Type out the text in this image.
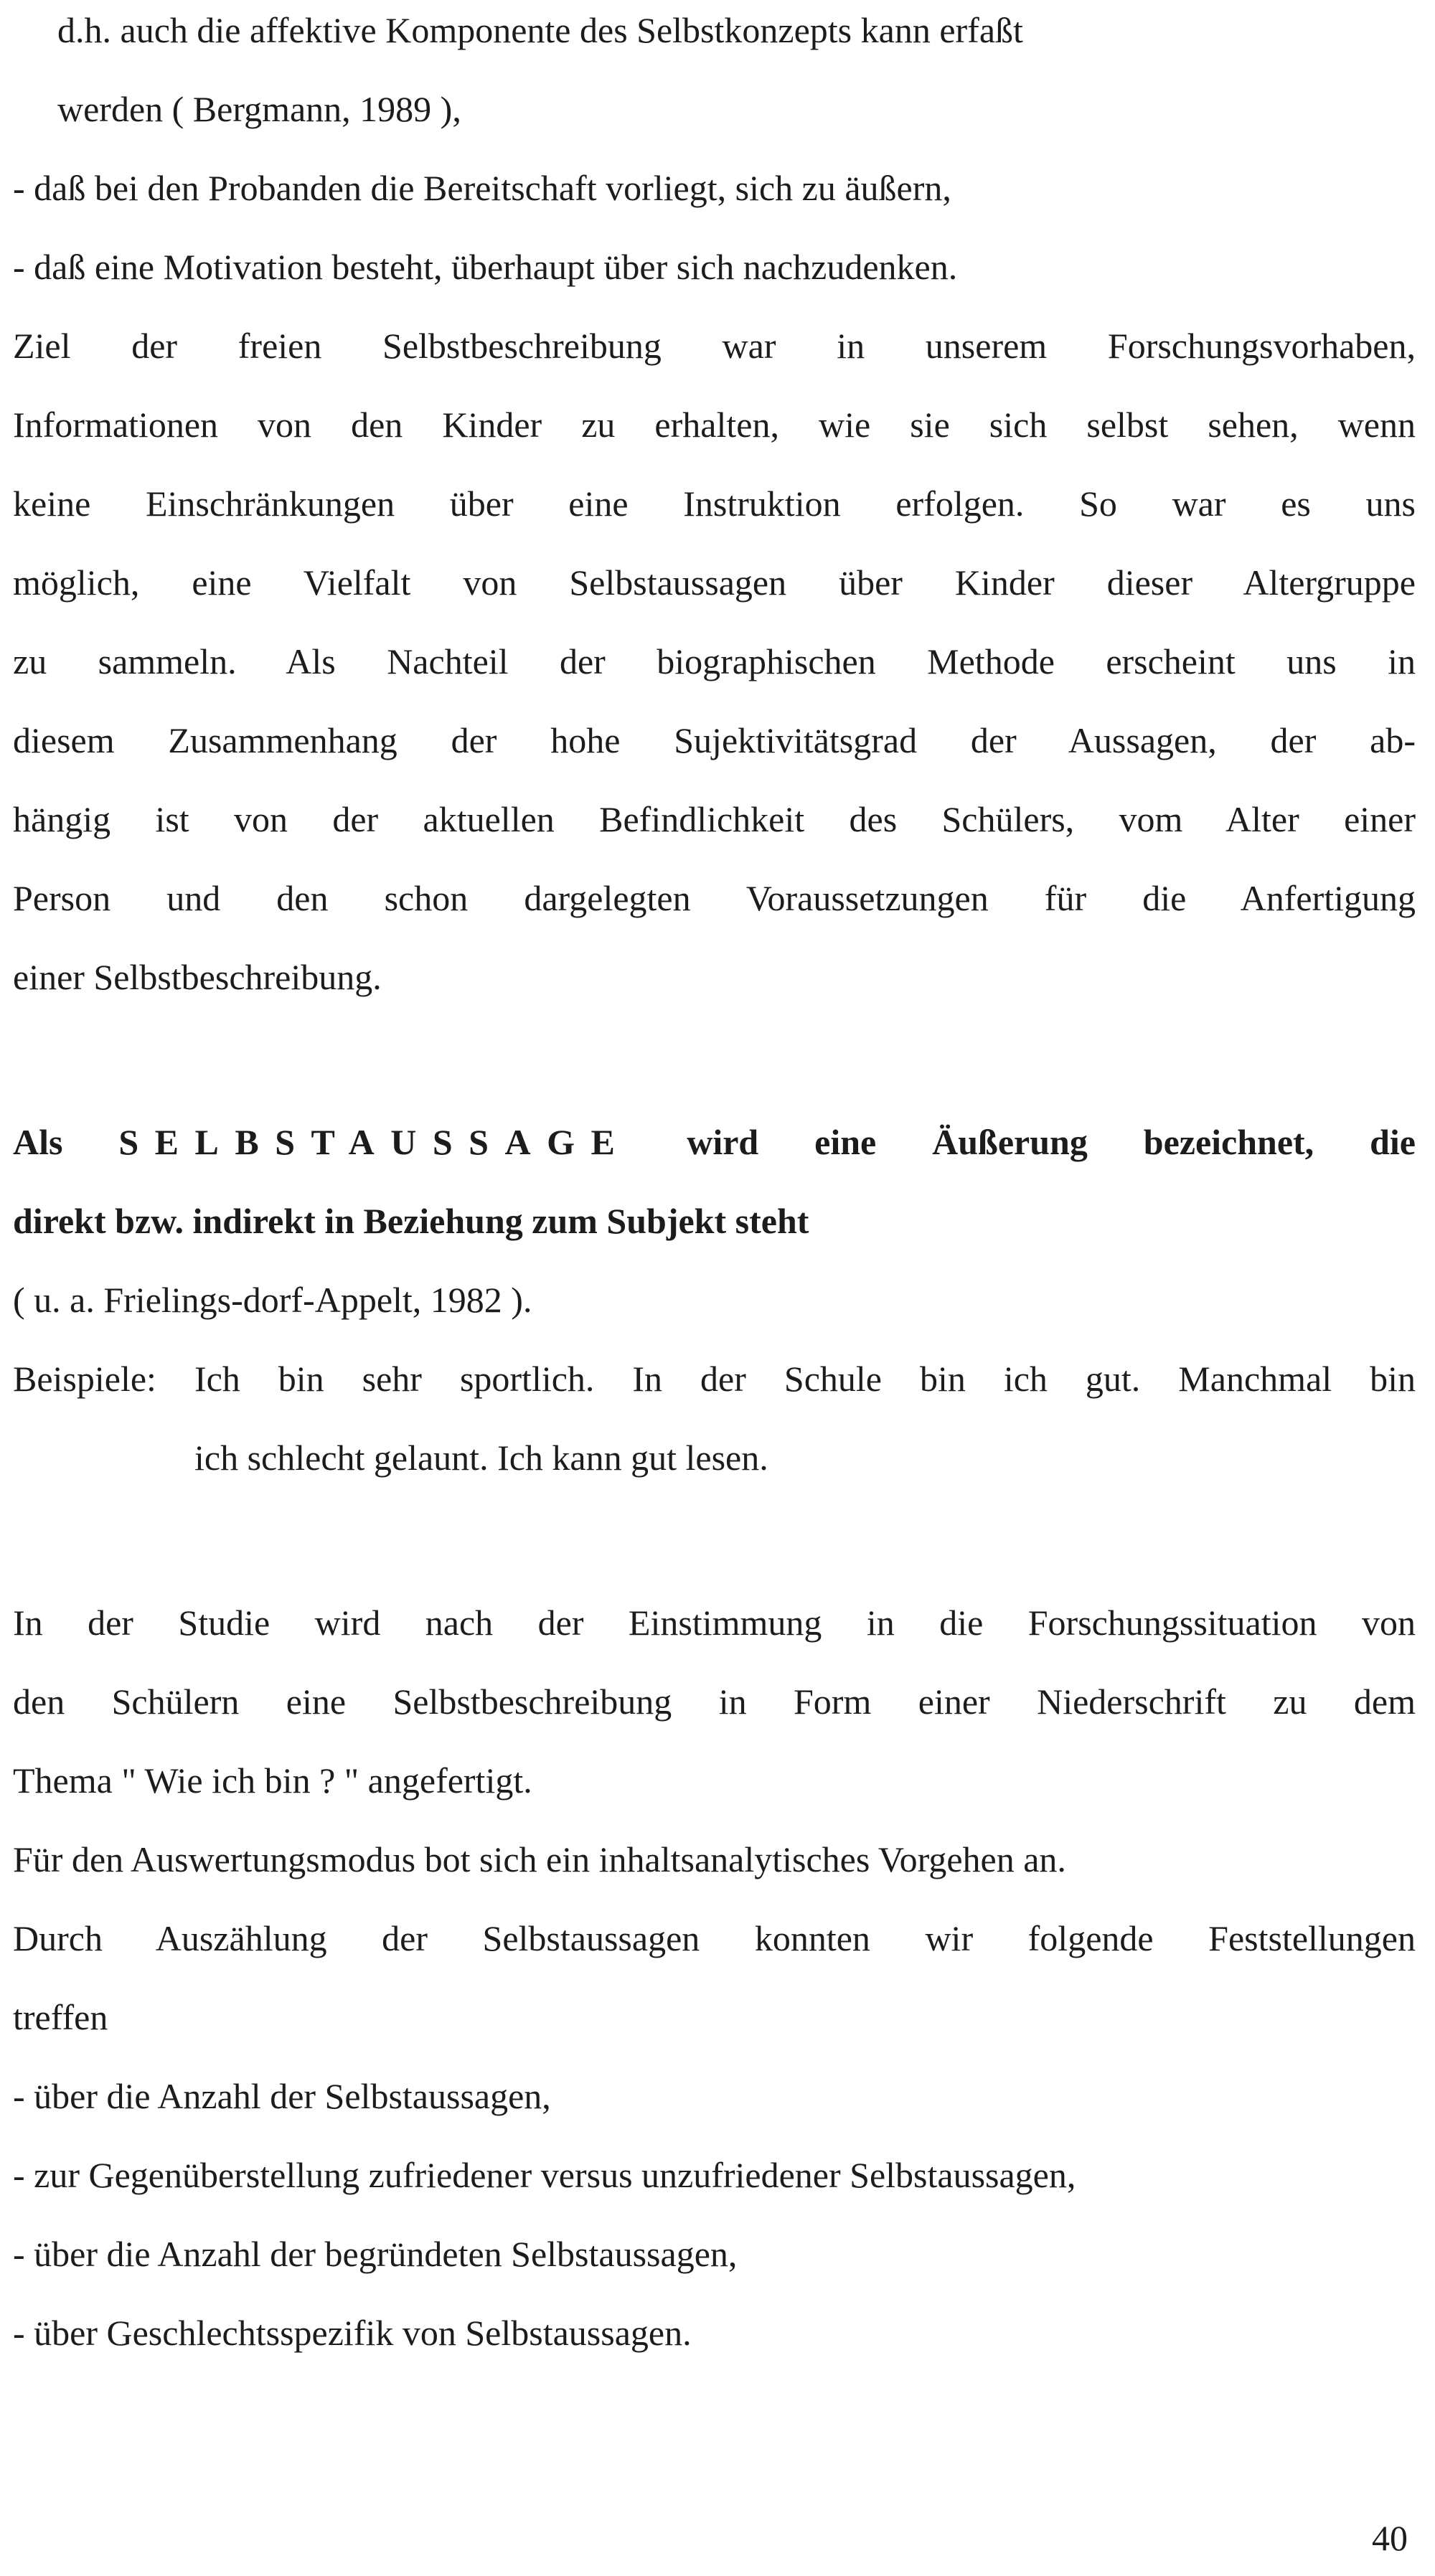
d.h. auch die affektive Komponente des Selbstkonzepts kann erfaßt
werden ( Bergmann, 1989 ),
- daß bei den Probanden die Bereitschaft vorliegt, sich zu äußern,
- daß eine Motivation besteht, überhaupt über sich nachzudenken.
Ziel der freien Selbstbeschreibung war in unserem Forschungsvorhaben,
Informationen von den Kinder zu erhalten, wie sie sich selbst sehen, wenn
keine Einschränkungen über eine Instruktion erfolgen. So war es uns
möglich, eine Vielfalt von Selbstaussagen über Kinder dieser Altergruppe
zu sammeln. Als Nachteil der biographischen Methode erscheint uns in
diesem Zusammenhang der hohe Sujektivitätsgrad der Aussagen, der ab-
hängig ist von der aktuellen Befindlichkeit des Schülers, vom Alter einer
Person und den schon dargelegten Voraussetzungen für die Anfertigung
einer Selbstbeschreibung.
Als SELBSTAUSSAGE wird eine Äußerung bezeichnet, die
direkt bzw. indirekt in Beziehung zum Subjekt steht
( u. a. Frielings-dorf-Appelt, 1982 ).
Beispiele: Ich bin sehr sportlich. In der Schule bin ich gut. Manchmal bin
ich schlecht gelaunt. Ich kann gut lesen.
In der Studie wird nach der Einstimmung in die Forschungssituation von
den Schülern eine Selbstbeschreibung in Form einer Niederschrift zu dem
Thema " Wie ich bin ? " angefertigt.
Für den Auswertungsmodus bot sich ein inhaltsanalytisches Vorgehen an.
Durch Auszählung der Selbstaussagen konnten wir folgende Feststellungen
treffen
- über die Anzahl der Selbstaussagen,
- zur Gegenüberstellung zufriedener versus unzufriedener Selbstaussagen,
- über die Anzahl der begründeten Selbstaussagen,
- über Geschlechtsspezifik von Selbstaussagen.
40
